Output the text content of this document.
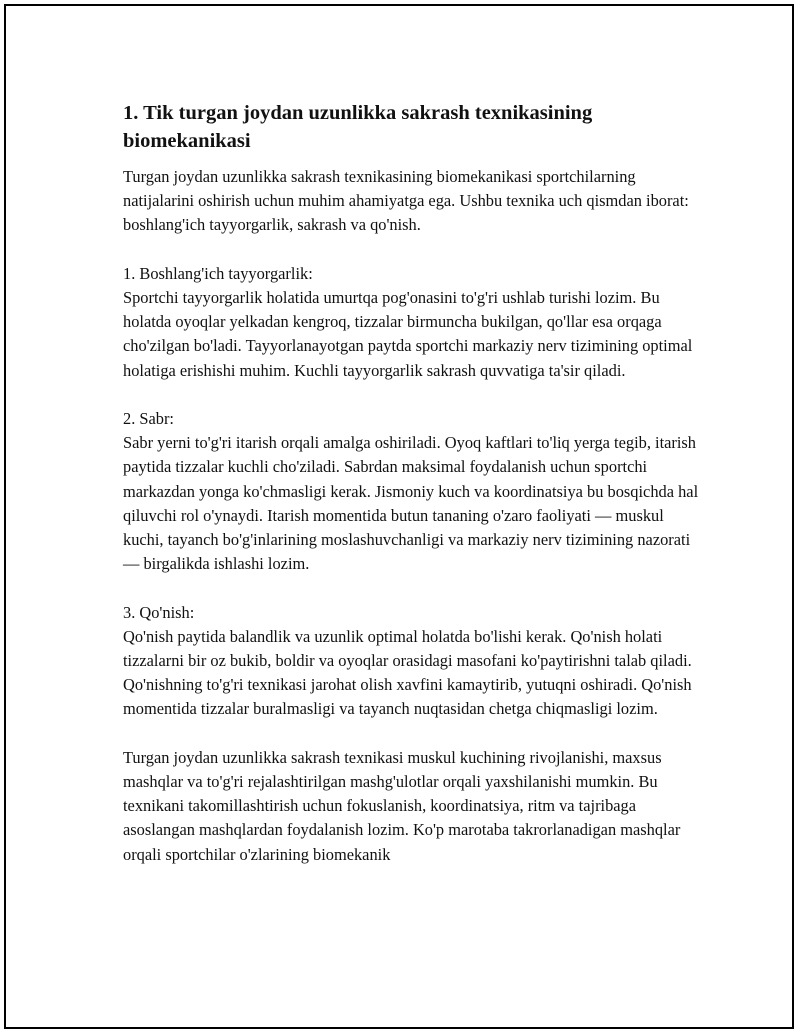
1. Tik turgan joydan uzunlikka sakrash texnikasining biomekanikasi

Turgan joydan uzunlikka sakrash texnikasining biomekanikasi sportchilarning natijalarini oshirish uchun muhim ahamiyatga ega. Ushbu texnika uch qismdan iborat: boshlang'ich tayyorgarlik, sakrash va qo'nish.

1. Boshlang'ich tayyorgarlik:
Sportchi tayyorgarlik holatida umurtqa pog'onasini to'g'ri ushlab turishi lozim. Bu holatda oyoqlar yelkadan kengroq, tizzalar birmuncha bukilgan, qo'llar esa orqaga cho'zilgan bo'ladi. Tayyorlanayotgan paytda sportchi markaziy nerv tizimining optimal holatiga erishishi muhim. Kuchli tayyorgarlik sakrash quvvatiga ta'sir qiladi.

2. Sabr:
Sabr yerni to'g'ri itarish orqali amalga oshiriladi. Oyoq kaftlari to'liq yerga tegib, itarish paytida tizzalar kuchli cho'ziladi. Sabrdan maksimal foydalanish uchun sportchi markazdan yonga ko'chmasligi kerak. Jismoniy kuch va koordinatsiya bu bosqichda hal qiluvchi rol o'ynaydi. Itarish momentida butun tananing o'zaro faoliyati — muskul kuchi, tayanch bo'g'inlarining moslashuvchanligi va markaziy nerv tizimining nazorati — birgalikda ishlashi lozim.

3. Qo'nish:
Qo'nish paytida balandlik va uzunlik optimal holatda bo'lishi kerak. Qo'nish holati tizzalarni bir oz bukib, boldir va oyoqlar orasidagi masofani ko'paytirishni talab qiladi. Qo'nishning to'g'ri texnikasi jarohat olish xavfini kamaytirib, yutuqni oshiradi. Qo'nish momentida tizzalar buralmasligi va tayanch nuqtasidan chetga chiqmasligi lozim.

Turgan joydan uzunlikka sakrash texnikasi muskul kuchining rivojlanishi, maxsus mashqlar va to'g'ri rejalashtirilgan mashg'ulotlar orqali yaxshilanishi mumkin. Bu texnikani takomillashtirish uchun fokuslanish, koordinatsiya, ritm va tajribaga asoslangan mashqlardan foydalanish lozim. Ko'p marotaba takrorlanadigan mashqlar orqali sportchilar o'zlarining biomekanik
